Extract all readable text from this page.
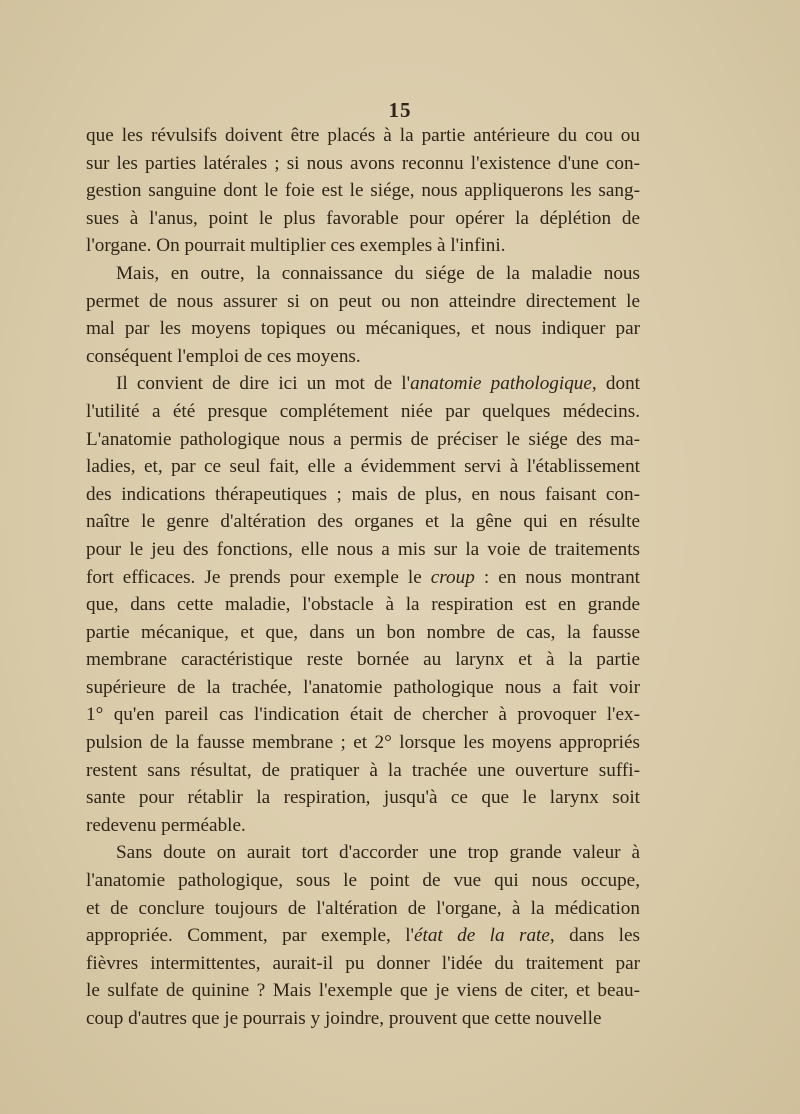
15

que les révulsifs doivent être placés à la partie antérieure du cou ou
sur les parties latérales ; si nous avons reconnu l'existence d'une con-
gestion sanguine dont le foie est le siége, nous appliquerons les sang-
sues à l'anus, point le plus favorable pour opérer la déplétion de
l'organe. On pourrait multiplier ces exemples à l'infini.

Mais, en outre, la connaissance du siége de la maladie nous
permet de nous assurer si on peut ou non atteindre directement le
mal par les moyens topiques ou mécaniques, et nous indiquer par
conséquent l'emploi de ces moyens.

Il convient de dire ici un mot de l'anatomie pathologique, dont
l'utilité a été presque complétement niée par quelques médecins.
L'anatomie pathologique nous a permis de préciser le siége des ma-
ladies, et, par ce seul fait, elle a évidemment servi à l'établissement
des indications thérapeutiques ; mais de plus, en nous faisant con-
naître le genre d'altération des organes et la gêne qui en résulte
pour le jeu des fonctions, elle nous a mis sur la voie de traitements
fort efficaces. Je prends pour exemple le croup : en nous montrant
que, dans cette maladie, l'obstacle à la respiration est en grande
partie mécanique, et que, dans un bon nombre de cas, la fausse
membrane caractéristique reste bornée au larynx et à la partie
supérieure de la trachée, l'anatomie pathologique nous a fait voir
1° qu'en pareil cas l'indication était de chercher à provoquer l'ex-
pulsion de la fausse membrane ; et 2° lorsque les moyens appropriés
restent sans résultat, de pratiquer à la trachée une ouverture suffi-
sante pour rétablir la respiration, jusqu'à ce que le larynx soit
redevenu perméable.

Sans doute on aurait tort d'accorder une trop grande valeur à
l'anatomie pathologique, sous le point de vue qui nous occupe,
et de conclure toujours de l'altération de l'organe, à la médication
appropriée. Comment, par exemple, l'état de la rate, dans les
fièvres intermittentes, aurait-il pu donner l'idée du traitement par
le sulfate de quinine ? Mais l'exemple que je viens de citer, et beau-
coup d'autres que je pourrais y joindre, prouvent que cette nouvelle
